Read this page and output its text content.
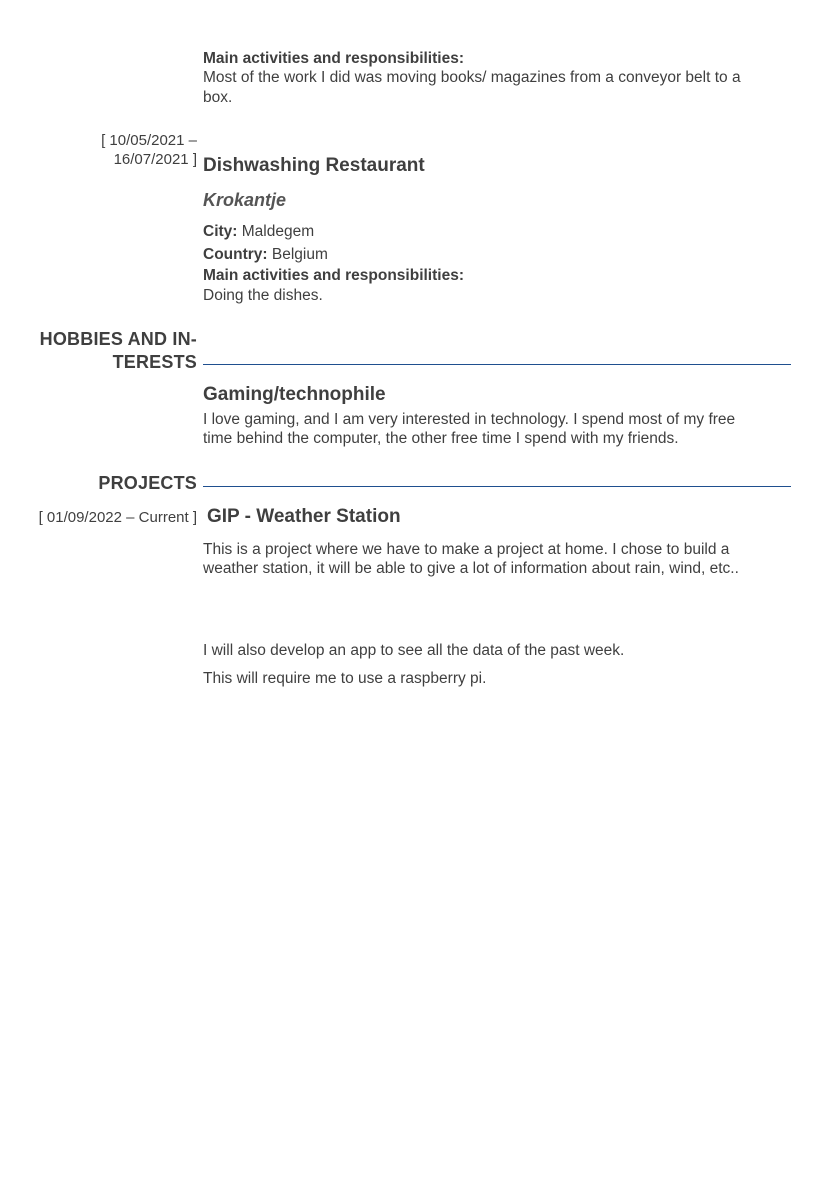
Main activities and responsibilities:
Most of the work I did was moving books/ magazines from a conveyor belt to a
box.
[ 10/05/2021 –
16/07/2021 ] Dishwashing Restaurant
Krokantje
City: Maldegem
Country: Belgium
Main activities and responsibilities:
Doing the dishes.
HOBBIES AND IN-
TERESTS
Gaming/technophile
I love gaming, and I am very interested in technology. I spend most of my free
time behind the computer, the other free time I spend with my friends.
PROJECTS
[ 01/09/2022 – Current ] GIP - Weather Station
This is a project where we have to make a project at home. I chose to build a
weather station, it will be able to give a lot of information about rain, wind, etc..
I will also develop an app to see all the data of the past week.
This will require me to use a raspberry pi.
